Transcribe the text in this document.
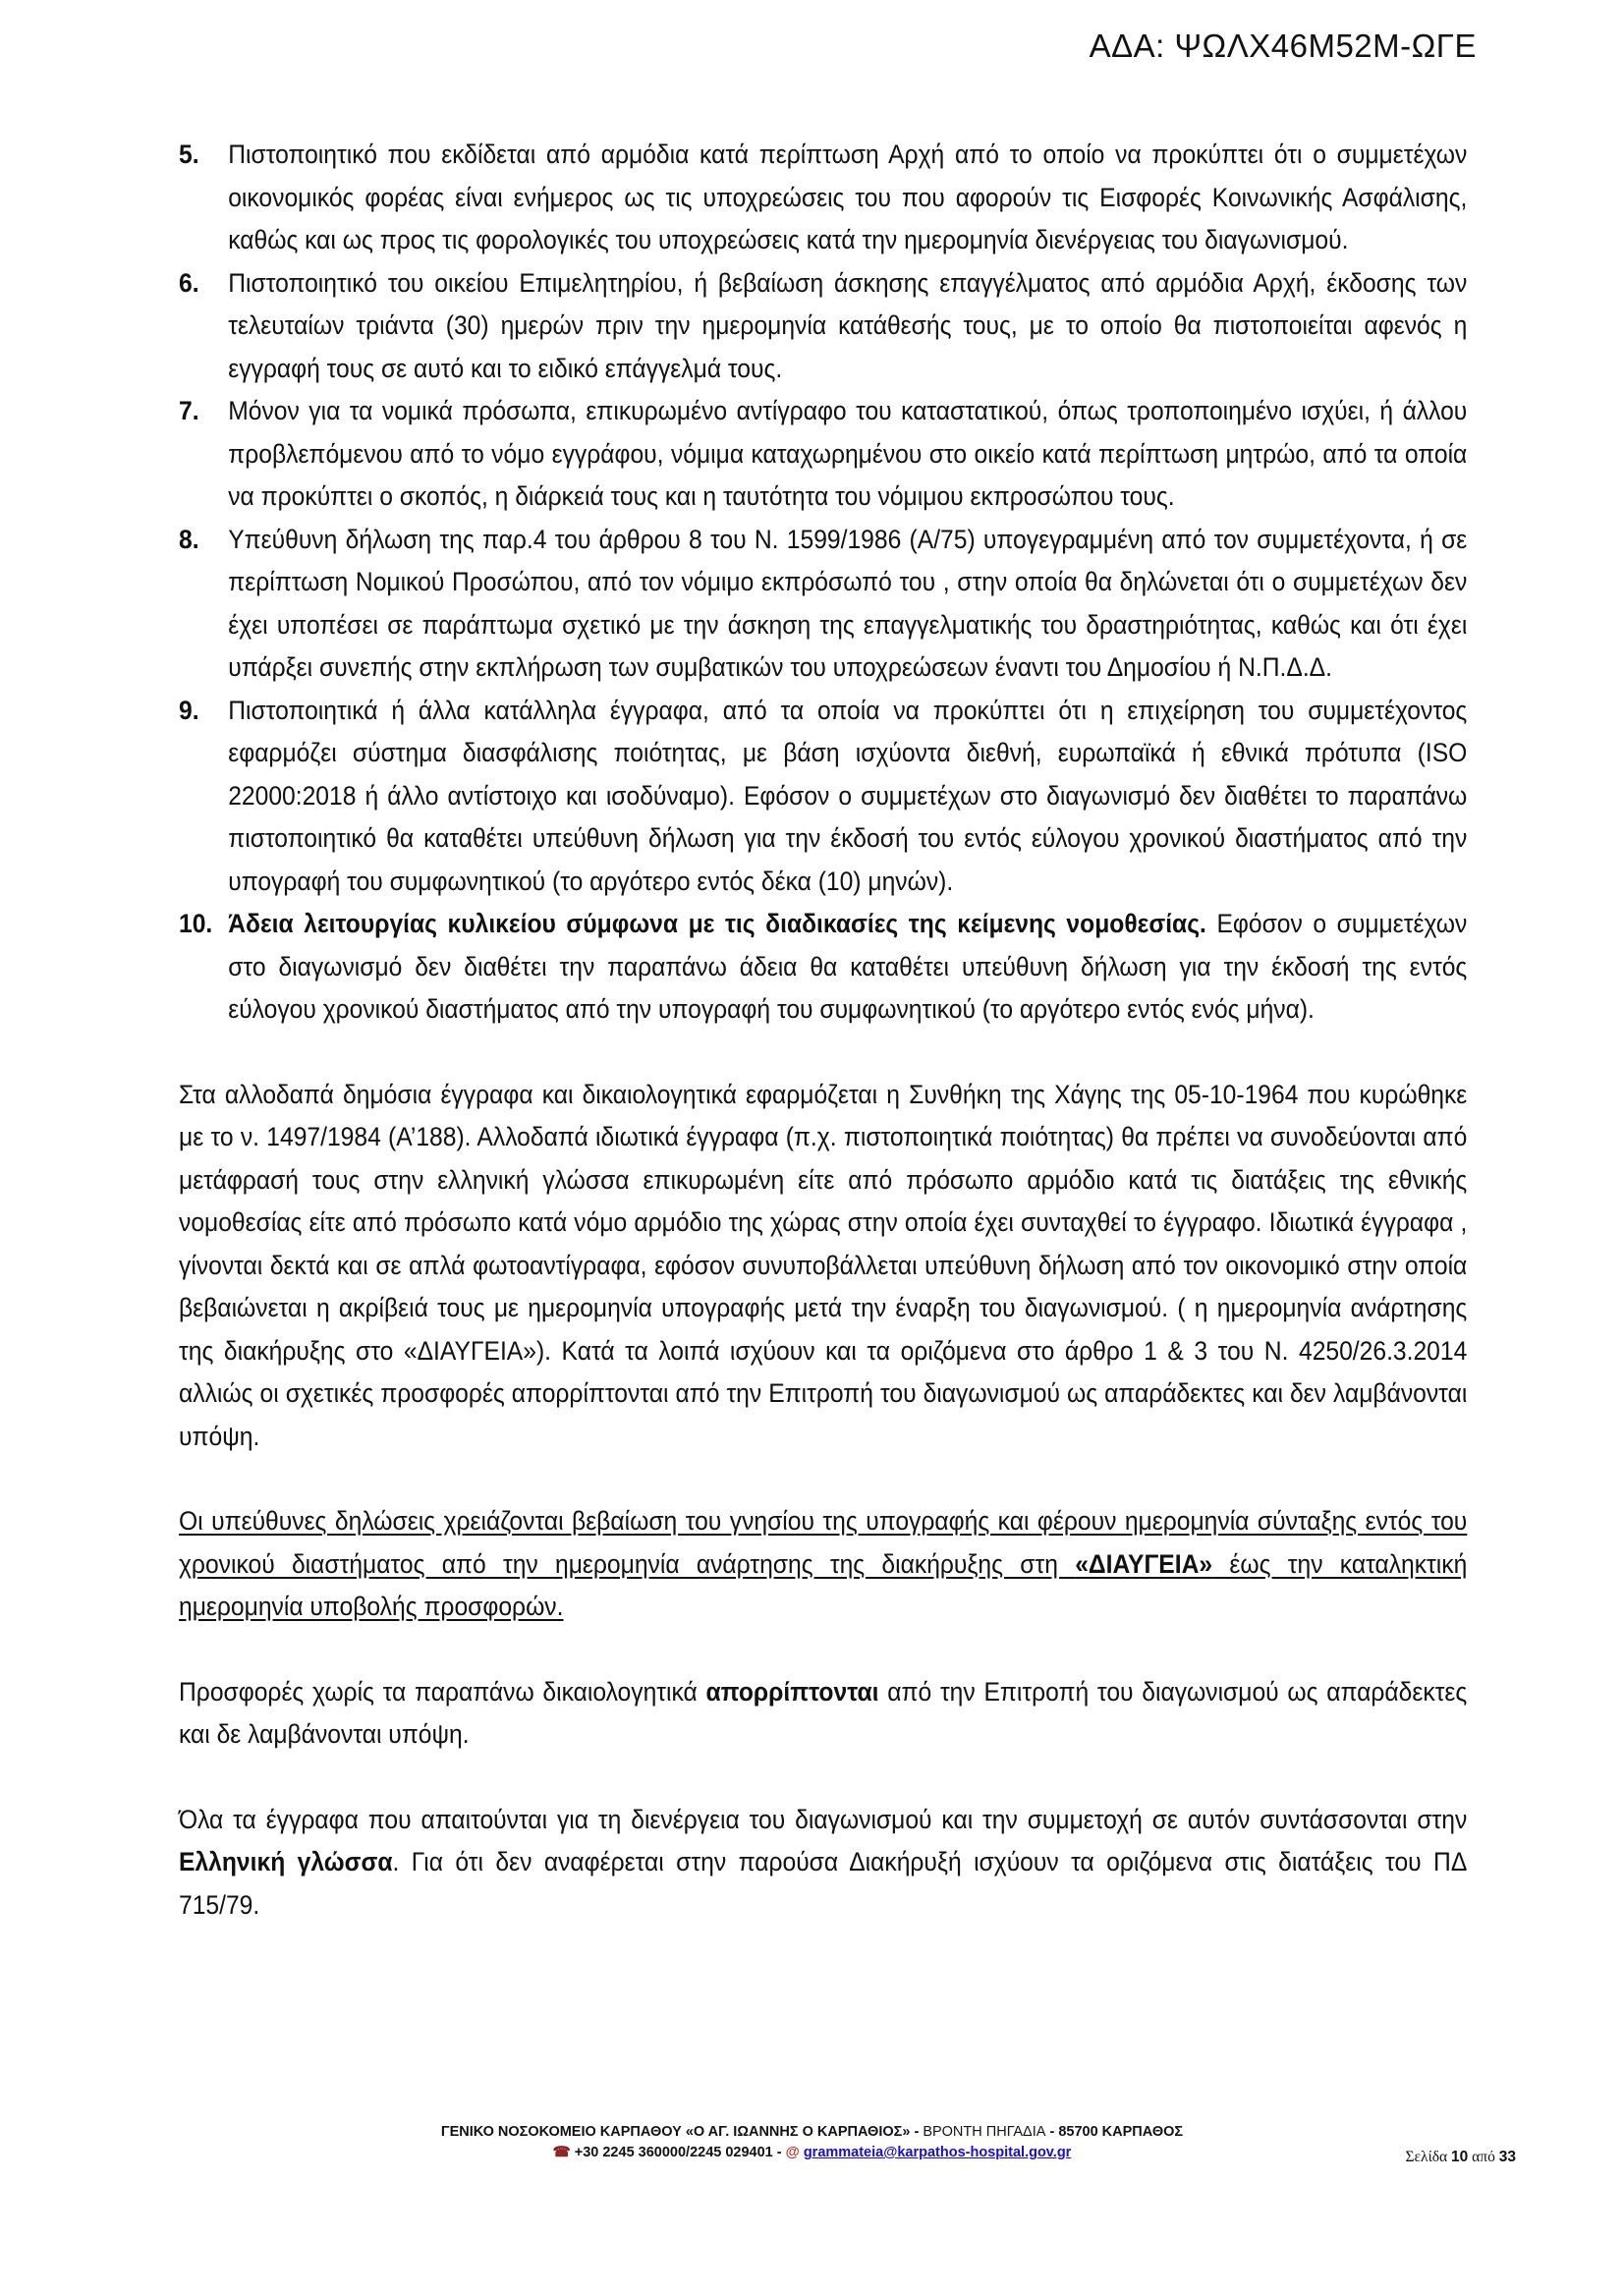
ΑΔΑ: ΨΩΛΧ46Μ52Μ-ΩΓΕ
5.	Πιστοποιητικό που εκδίδεται από αρμόδια κατά περίπτωση Αρχή από το οποίο να προκύπτει ότι ο συμμετέχων οικονομικός φορέας είναι ενήμερος ως τις υποχρεώσεις του που αφορούν τις Εισφορές Κοινωνικής Ασφάλισης, καθώς και ως προς τις φορολογικές του υποχρεώσεις κατά την ημερομηνία διενέργειας του διαγωνισμού.
6.	Πιστοποιητικό του οικείου Επιμελητηρίου, ή βεβαίωση άσκησης επαγγέλματος από αρμόδια Αρχή, έκδοσης των τελευταίων τριάντα (30) ημερών πριν την ημερομηνία κατάθεσής τους, με το οποίο θα πιστοποιείται αφενός η εγγραφή τους σε αυτό και το ειδικό επάγγελμά τους.
7.	Μόνον για τα νομικά πρόσωπα, επικυρωμένο αντίγραφο του καταστατικού, όπως τροποποιημένο ισχύει, ή άλλου προβλεπόμενου από το νόμο εγγράφου, νόμιμα καταχωρημένου στο οικείο κατά περίπτωση μητρώο, από τα οποία να προκύπτει ο σκοπός, η διάρκειά τους και η ταυτότητα του νόμιμου εκπροσώπου τους.
8.	Υπεύθυνη δήλωση της παρ.4 του άρθρου 8 του Ν. 1599/1986 (Α/75) υπογεγραμμένη από τον συμμετέχοντα, ή σε περίπτωση Νομικού Προσώπου, από τον νόμιμο εκπρόσωπό του , στην οποία θα δηλώνεται ότι ο συμμετέχων δεν έχει υποπέσει σε παράπτωμα σχετικό με την άσκηση της επαγγελματικής του δραστηριότητας, καθώς και ότι έχει υπάρξει συνεπής στην εκπλήρωση των συμβατικών του υποχρεώσεων έναντι του Δημοσίου ή Ν.Π.Δ.Δ.
9.	Πιστοποιητικά ή άλλα κατάλληλα έγγραφα, από τα οποία να προκύπτει ότι η επιχείρηση του συμμετέχοντος εφαρμόζει σύστημα διασφάλισης ποιότητας, με βάση ισχύοντα διεθνή, ευρωπαϊκά ή εθνικά πρότυπα (ISO 22000:2018 ή άλλο αντίστοιχο και ισοδύναμο). Εφόσον ο συμμετέχων στο διαγωνισμό δεν διαθέτει το παραπάνω πιστοποιητικό θα καταθέτει υπεύθυνη δήλωση για την έκδοσή του εντός εύλογου χρονικού διαστήματος από την υπογραφή του συμφωνητικού (το αργότερο εντός δέκα (10) μηνών).
10. Άδεια λειτουργίας κυλικείου σύμφωνα με τις διαδικασίες της κείμενης νομοθεσίας. Εφόσον ο συμμετέχων στο διαγωνισμό δεν διαθέτει την παραπάνω άδεια θα καταθέτει υπεύθυνη δήλωση για την έκδοσή της εντός εύλογου χρονικού διαστήματος από την υπογραφή του συμφωνητικού (το αργότερο εντός ενός μήνα).

Στα αλλοδαπά δημόσια έγγραφα και δικαιολογητικά εφαρμόζεται η Συνθήκη της Χάγης της 05-10-1964 που κυρώθηκε με το ν. 1497/1984 (Α’188). Αλλοδαπά ιδιωτικά έγγραφα (π.χ. πιστοποιητικά ποιότητας) θα πρέπει να συνοδεύονται από μετάφρασή τους στην ελληνική γλώσσα επικυρωμένη είτε από πρόσωπο αρμόδιο κατά τις διατάξεις της εθνικής νομοθεσίας είτε από πρόσωπο κατά νόμο αρμόδιο της χώρας στην οποία έχει συνταχθεί το έγγραφο. Ιδιωτικά έγγραφα , γίνονται δεκτά και σε απλά φωτοαντίγραφα, εφόσον συνυποβάλλεται υπεύθυνη δήλωση από τον οικονομικό στην οποία βεβαιώνεται η ακρίβειά τους με ημερομηνία υπογραφής μετά την έναρξη του διαγωνισμού. ( η ημερομηνία ανάρτησης της διακήρυξης στο «ΔΙΑΥΓΕΙΑ»). Κατά τα λοιπά ισχύουν και τα οριζόμενα στο άρθρο 1 & 3 του Ν. 4250/26.3.2014 αλλιώς οι σχετικές προσφορές απορρίπτονται από την Επιτροπή του διαγωνισμού ως απαράδεκτες και δεν λαμβάνονται υπόψη.

Οι υπεύθυνες δηλώσεις χρειάζονται βεβαίωση του γνησίου της υπογραφής και φέρουν ημερομηνία σύνταξης εντός του χρονικού διαστήματος από την ημερομηνία ανάρτησης της διακήρυξης στη «ΔΙΑΥΓΕΙΑ» έως την καταληκτική ημερομηνία υποβολής προσφορών.

Προσφορές χωρίς τα παραπάνω δικαιολογητικά απορρίπτονται από την Επιτροπή του διαγωνισμού ως απαράδεκτες και δε λαμβάνονται υπόψη.

Όλα τα έγγραφα που απαιτούνται για τη διενέργεια του διαγωνισμού και την συμμετοχή σε αυτόν συντάσσονται στην Ελληνική γλώσσα. Για ότι δεν αναφέρεται στην παρούσα Διακήρυξή ισχύουν τα οριζόμενα στις διατάξεις του ΠΔ 715/79.

ΓΕΝΙΚΟ ΝΟΣΟΚΟΜΕΙΟ ΚΑΡΠΑΘΟΥ «Ο ΑΓ. ΙΩΑΝΝΗΣ Ο ΚΑΡΠΑΘΙΟΣ» - ΒΡΟΝΤΗ ΠΗΓΑΔΙΑ - 85700 ΚΑΡΠΑΘΟΣ
☎ +30 2245 360000/2245 029401 - @ grammateia@karpathos-hospital.gov.gr	Σελίδα 10 από 33
